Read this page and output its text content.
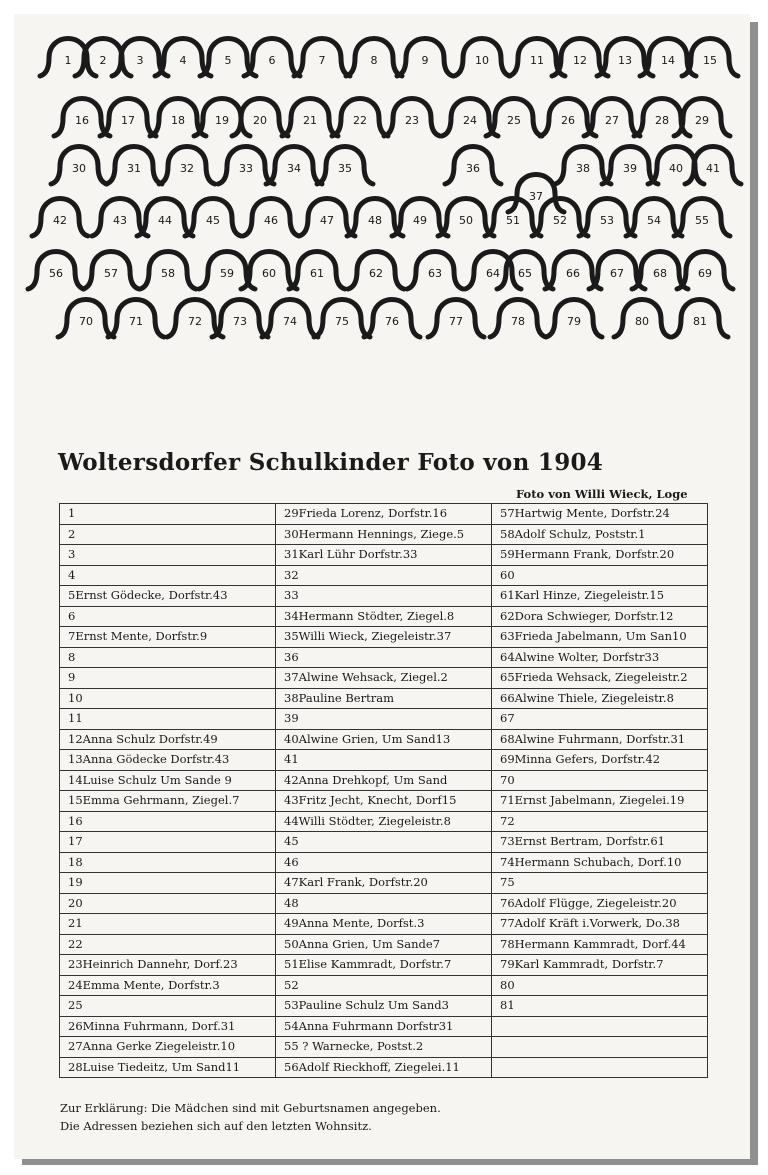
1	2	3	4	5	6	7	8	9	10	11	12	13	14	15
16	17	18	19 20	21	22	23	24	25	26	27	28 29
30	31	32	33	34	35	36
37
38	39	40 41
42	43	44	45	46	47	48	49	50	51	52	53	54	55
56	57	58	59	60	61	62	63	64 65	66	67	68	69
70	71	72	73	74	75	76	77	78	79	80	81
Woltersdorfer Schulkinder Foto von 1904
Foto von Willi Wieck, Loge
1	29Frieda Lorenz, Dorfstr.16	57Hartwig Mente, Dorfstr.24
2	30Hermann Hennings, Ziege.5	58Adolf Schulz, Poststr.1
3	31Karl Lühr Dorfstr.33	59Hermann Frank, Dorfstr.20
4	32	60
5Ernst Gödecke, Dorfstr.43	33	61Karl Hinze, Ziegeleistr.15
6	34Hermann Stödter, Ziegel.8	62Dora Schwieger, Dorfstr.12
7Ernst Mente, Dorfstr.9	35Willi Wieck, Ziegeleistr.37	63Frieda Jabelmann, Um San10
8	36	64Alwine Wolter, Dorfstr33
9	37Alwine Wehsack, Ziegel.2	65Frieda Wehsack, Ziegeleistr.2
10	38Pauline Bertram	66Alwine Thiele, Ziegeleistr.8
11	39	67
12Anna Schulz Dorfstr.49	40Alwine Grien, Um Sand13	68Alwine Fuhrmann, Dorfstr.31
13Anna Gödecke Dorfstr.43	41	69Minna Gefers, Dorfstr.42
14Luise Schulz Um Sande 9	42Anna Drehkopf, Um Sand	70
15Emma Gehrmann, Ziegel.7	43Fritz Jecht, Knecht, Dorf15	71Ernst Jabelmann, Ziegelei.19
16	44Willi Stödter, Ziegeleistr.8	72
17	45	73Ernst Bertram, Dorfstr.61
18	46	74Hermann Schubach, Dorf.10
19	47Karl Frank, Dorfstr.20	75
20	48	76Adolf Flügge, Ziegeleistr.20
21	49Anna Mente, Dorfst.3	77Adolf Kräft i.Vorwerk, Do.38
22	50Anna Grien, Um Sande7	78Hermann Kammradt, Dorf.44
23Heinrich Dannehr, Dorf.23	51Elise Kammradt, Dorfstr.7	79Karl Kammradt, Dorfstr.7
24Emma Mente, Dorfstr.3	52	80
25	53Pauline Schulz Um Sand3	81
26Minna Fuhrmann, Dorf.31	54Anna Fuhrmann Dorfstr31	
27Anna Gerke Ziegeleistr.10	55 ? Warnecke, Postst.2	
28Luise Tiedeitz, Um Sand11	56Adolf Rieckhoff, Ziegelei.11	
Zur Erklärung: Die Mädchen sind mit Geburtsnamen angegeben.
Die Adressen beziehen sich auf den letzten Wohnsitz.
